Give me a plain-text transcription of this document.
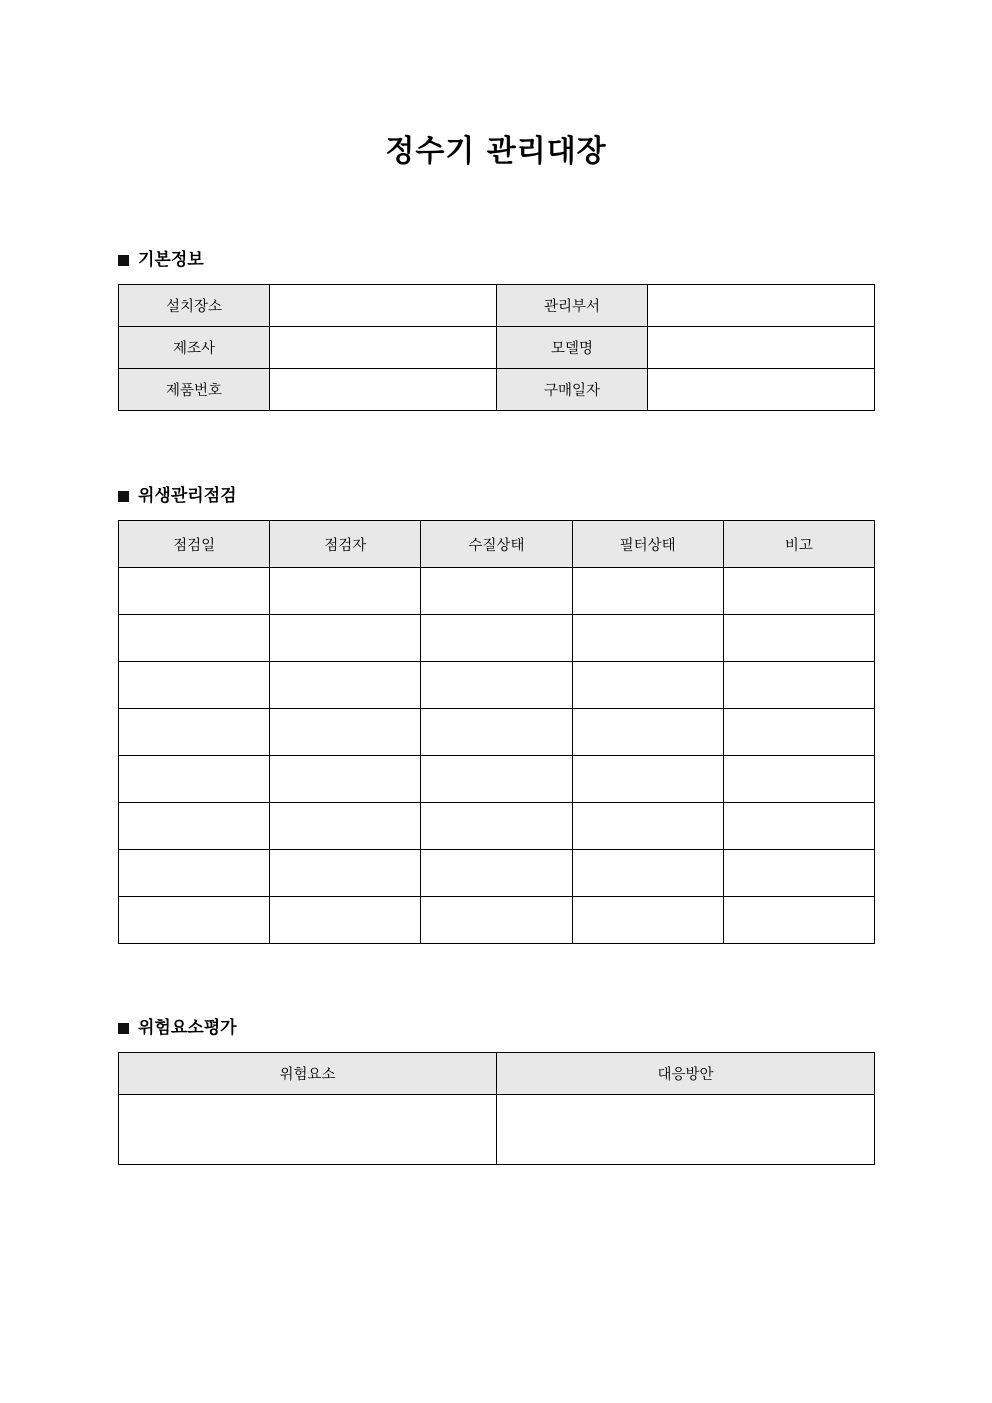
정수기 관리대장
기본정보
설치장소		관리부서	
제조사		모델명	
제품번호		구매일자	
위생관리점검
점검일	점검자	수질상태	필터상태	비고

위험요소평가
위험요소	대응방안
